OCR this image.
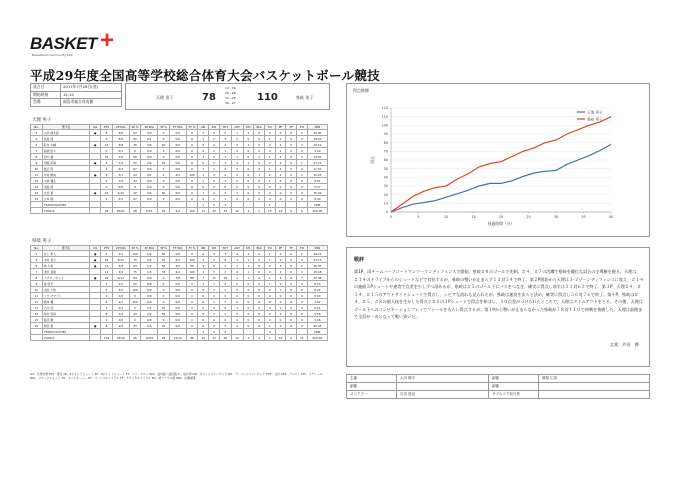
BASKET +
Basketball Community Site
平成29年度全国高等学校総合体育大会バスケットボール競技
試合日	2017年7月28日(金)
開始時刻	11:10
会場	福島市総合体育館
天理 男子	78
13 - 30
20 - 28
15 - 25
30 - 27 110	県岐 男子
天理 男子
No.	選手名	GS	PTS	2P M/A	2P %	3P M/A	3P %	FT M/A	FT %	OR	DR	TOT	AST	STL	BLK	TO	PF	TF	FD	MIN
4	山田 健太郎	●	8	4/6	67	0/0	0	0/0	0	2	3	5	1	1	0	2	0	0	1	23:00
5	佐藤 翔		6	3/5	60	0/1	0	0/0	0	1	2	3	2	0	0	1	1	0	0	18:20
6	鈴木 大輔	●	12	3/8	38	2/5	40	0/0	0	0	2	2	3	1	0	2	2	0	1	29:10
7	高橋 悠斗		0	0/1	0	0/0	0	0/0	0	0	1	1	0	0	0	0	1	0	0	3:40
8	田中 蓮		10	5/9	56	0/0	0	0/0	0	3	4	7	1	0	1	1	3	0	2	24:07
9	伊藤 拓海	●	8	1/4	25	2/4	50	0/0	0	0	1	1	4	1	0	2	2	0	1	27:22
10	渡辺 陸		4	2/3	67	0/0	0	0/0	0	1	1	2	0	0	0	1	1	0	0	11:31
11	中村 陽向	●	8	3/7	43	0/1	0	2/2	100	1	3	4	0	0	1	0	2	0	1	30:23
12	小林 颯太		2	1/3	33	0/0	0	0/0	0	1	0	1	0	0	0	1	0	0	0	8:01
13	加藤 湊		0	0/0	0	0/0	0	0/0	0	0	0	0	0	0	0	0	0	0	0	0:07
14	吉田 蒼	●	16	5/12	42	2/4	50	0/0	0	1	2	3	1	0	0	2	0	0	0	35:49
15	山本 樹		4	2/3	67	0/0	0	0/0	0	0	1	1	0	0	0	0	0	0	0	8:30
	TEAM/COACHES									1	2	3				1				DNP
	TOTALS		78	29/61	48	6/15	40	2/2	100	11	22	33	12	3	2	13	12	0	6	200:00
県岐 男子
No.	選手名	GS	PTS	2P M/A	2P %	3P M/A	3P %	FT M/A	FT %	OR	DR	TOT	AST	STL	BLK	TO	PF	TF	FD	MIN
4	井上 隼人	●	5	1/1	100	1/2	50	0/0	0	0	3	3	4	1	0	1	2	0	1	29:21
5	木村 将大	●	26	9/12	75	2/4	50	2/2	100	2	4	6	1	1	0	1	2	0	2	33:15
6	林 大和	●	14	5/8	63	1/2	50	1/2	50	2	5	7	1	1	0	2	3	0	1	26:37
7	清水 直樹		11	3/4	75	1/3	33	2/2	100	1	2	3	0	1	0	0	2	0	0	15:18
8	アダマ ンジャイ	●	25	9/13	69	0/0	0	7/8	88	7	11	18	1	1	4	1	4	0	7	32:36
9	森 航平		2	1/2	50	0/0	0	0/0	0	1	1	2	0	0	0	1	0	0	0	8:03
10	池田 大地		4	2/2	100	0/0	0	0/0	0	0	1	1	0	0	0	0	1	0	0	6:42
11	ソウ ママドゥ		0	0/0	0	0/0	0	0/0	0	0	0	0	0	0	0	0	0	0	0	0:40
12	橋本 颯		2	1/1	100	0/0	0	0/0	0	0	1	1	0	0	0	0	0	0	0	3:02
13	石川 亮		3	0/1	0	1/2	50	0/0	0	0	0	0	1	0	0	0	1	0	0	6:21
14	前田 悠真		8	1/3	33	2/4	50	0/0	0	0	1	1	0	0	0	0	2	0	0	5:56
15	藤田 隆		0	0/0	0	0/0	0	0/0	0	0	0	0	0	0	0	0	0	0	0	1:46
16	岡田 翼	●	8	1/3	33	2/5	40	0/0	0	0	2	2	2	0	0	1	2	0	0	20:43
	TEAM/COACHES									2	2	4				0				DNP
	TOTALS		110	33/50	66	10/22	45	12/14	86	15	33	48	10	5	4	7	19	0	11	200:00
GS：先発出場 PTS：得点 2P：2ポイントシュート 3P：3ポイントシュート FT：フリースロー M/A：成功数／試投数 %：成功率 OR：オフェンスリバウンド DR：ディフェンスリバウンド TOT：合計 AST：アシスト STL：スティール BLK：ブロックショット TO：ターンオーバー PF：パーソナルファウル TF：テクニカルファウル FD：被ファウル数 MIN：出場時間
得点推移
0
10
20
30
40
50
60
70
80
90
100
110
120
0	5	10	15	20	25	30	35	40
経過時間（分）
得点
天理 男子
県岐 男子
戦評
第1P、両チームハーフコートマンツーマンディフェンスで開始。県岐＃８のゴールで先制。＃４、＃７の活躍で県岐を優位な試合の主導権を握る。天理は、＃１４のドライブからのシュートなどで対抗するが、県岐の勢いが止まらず１３対３４で終了。第２P開始から天理は３-２ゾーンディフェンスに変え、＃１４の連続３Pシュートや速攻で点差を少しずつ詰めるが、県岐は＃５のゴール下にパスをつなぎ、確実に得点し前半は３３対６２で終了。第３P、天理＃４、＃１４、＃１５のアウトサイドシュートで得点し、シビアな流れも見られたが、県岐は速攻を次々と決め、確実に得点し５６対７６で終了。第４P、県岐は＃４、＃５、＃８の個人技を生かした得点と＃６の３Pシュートで得点を伸ばし、３０点差がつけられたところで、天理はタイムアウトをとる。その後、天理はゴール下へのコンビネーションプレイでファールをもらい得点するが、第１Pから勢いが止まらなかった県岐が７８対１１０で初戦を快勝した。天理は最後まで全員が一丸となって戦い抜いた。
文責：芦田　輝
主審	大川 修平	副審	増尾 広美
副審		副審	
スコアラー	吉田 悠也	サブスコア担当者	
